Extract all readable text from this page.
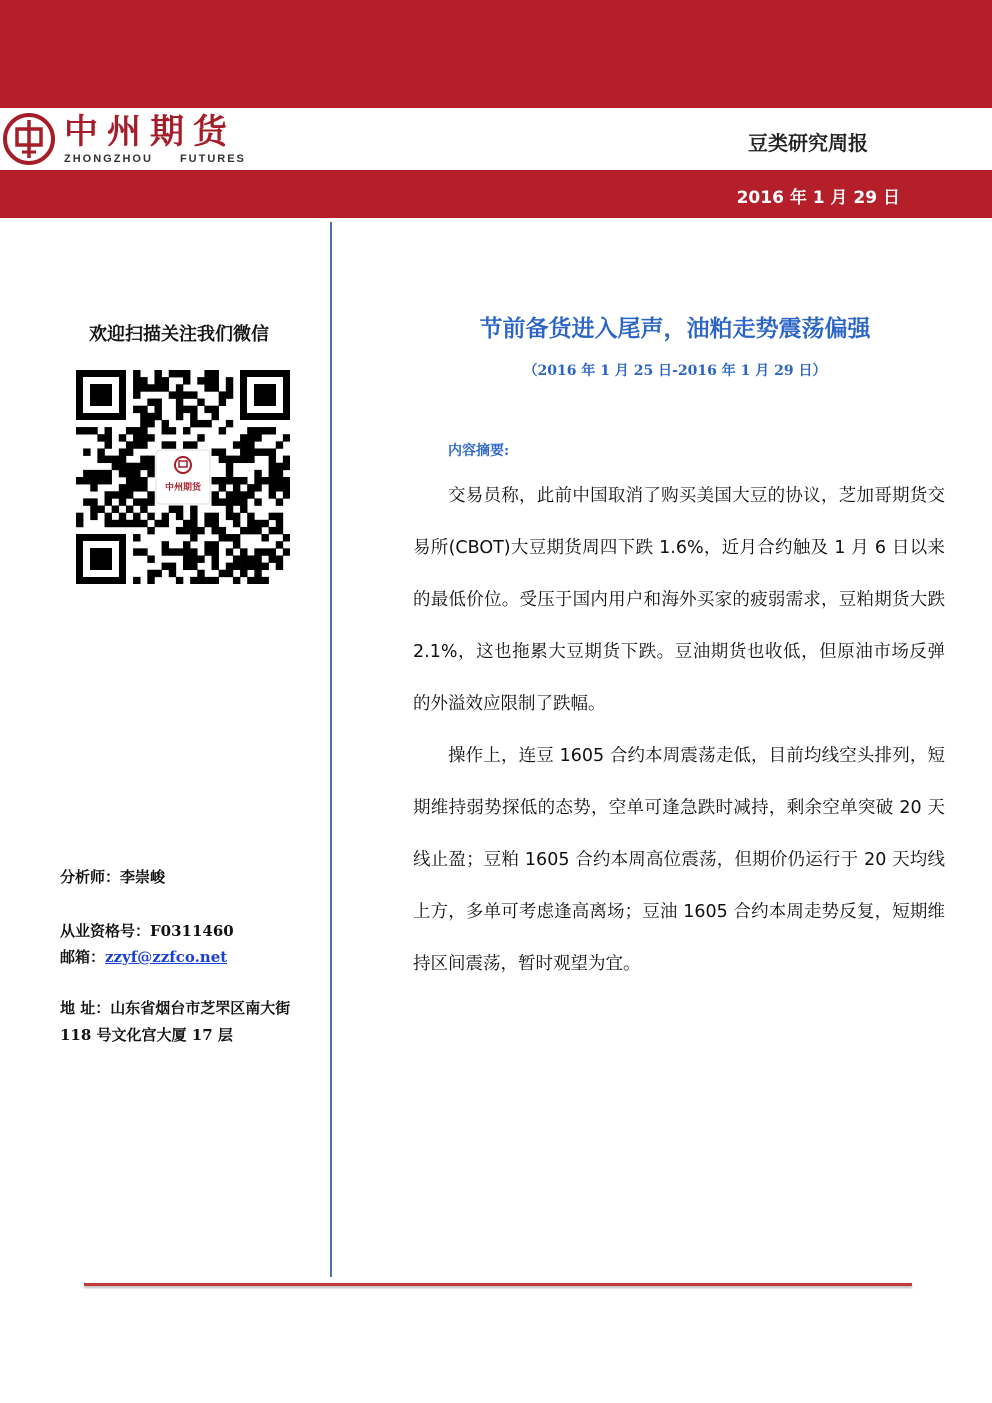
中州期货
ZHONGZHOU FUTURES
豆类研究周报
2016 年 1 月 29 日
欢迎扫描关注我们微信
中州期货
分析师：李崇峻
从业资格号：F0311460
邮箱：zzyf@zzfco.net
地 址：山东省烟台市芝罘区南大街 118 号文化宫大厦 17 层
节前备货进入尾声，油粕走势震荡偏强
（2016 年 1 月 25 日-2016 年 1 月 29 日）
内容摘要:

交易员称，此前中国取消了购买美国大豆的协议，芝加哥期货交易所(CBOT)大豆期货周四下跌 1.6%，近月合约触及 1 月 6 日以来的最低价位。受压于国内用户和海外买家的疲弱需求，豆粕期货大跌 2.1%，这也拖累大豆期货下跌。豆油期货也收低，但原油市场反弹的外溢效应限制了跌幅。

操作上，连豆 1605 合约本周震荡走低，目前均线空头排列，短期维持弱势探低的态势，空单可逢急跌时减持，剩余空单突破 20 天线止盈；豆粕 1605 合约本周高位震荡，但期价仍运行于 20 天均线上方，多单可考虑逢高离场；豆油 1605 合约本周走势反复，短期维持区间震荡，暂时观望为宜。
